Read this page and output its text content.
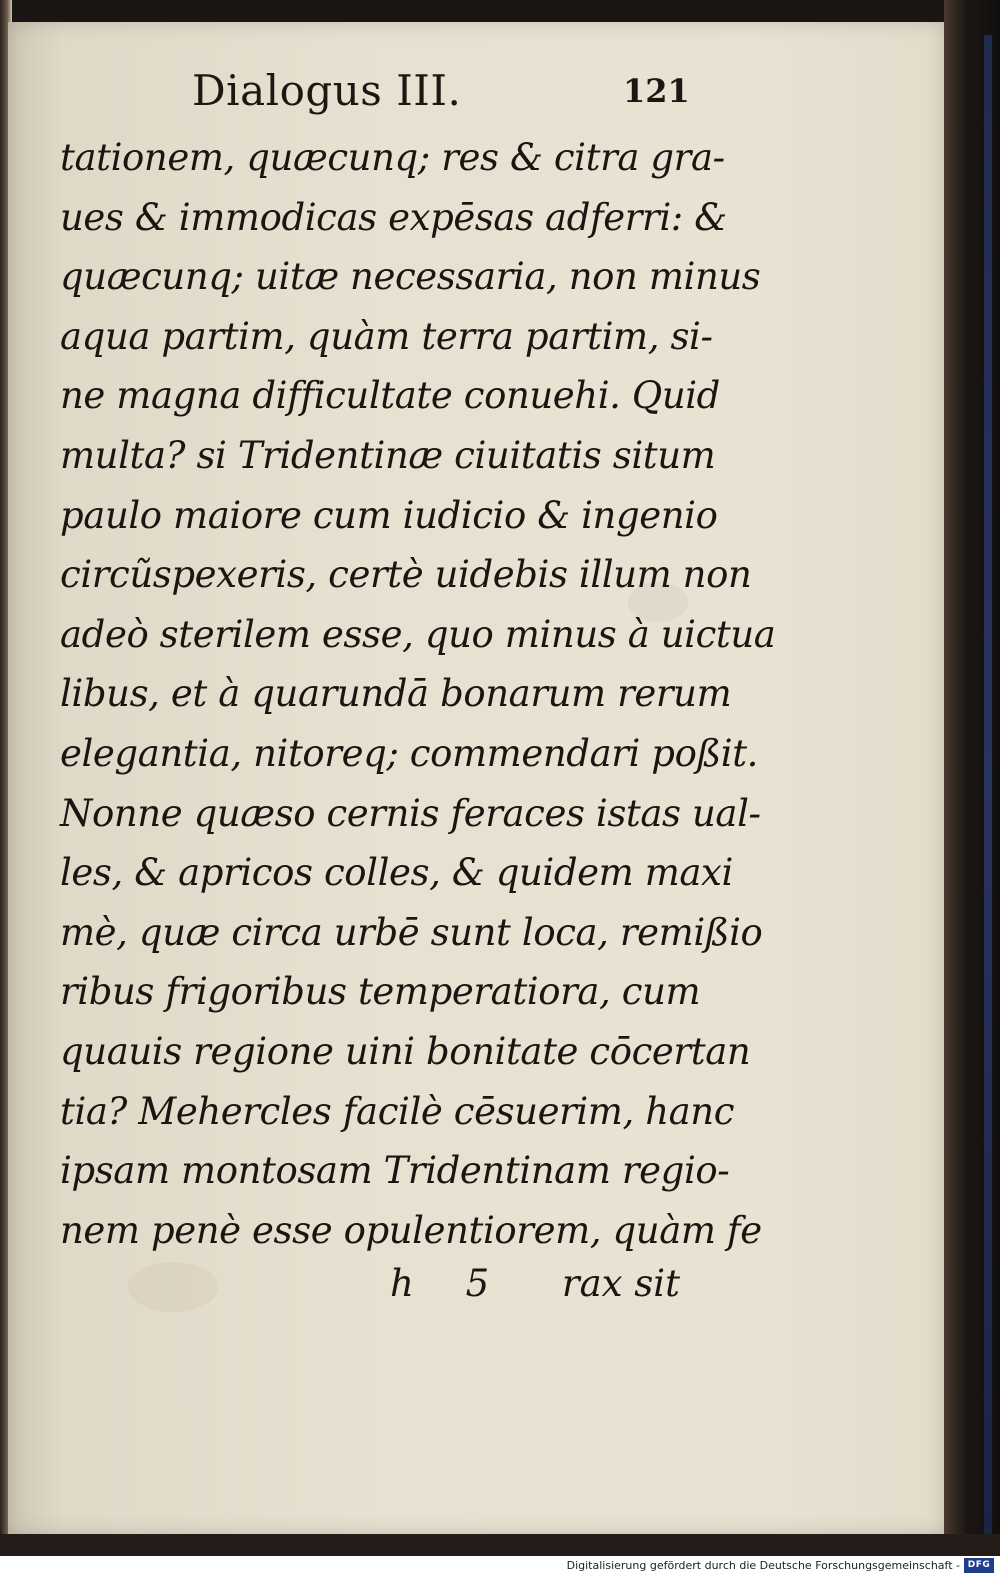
Dialogus III.	121
tationem, quæcunq; res & citra gra-
ues & immodicas expēsas adferri: &
quæcunq; uitæ necessaria, non minus
aqua partim, quàm terra partim, si-
ne magna difficultate conuehi. Quid
multa? si Tridentinæ ciuitatis situm
paulo maiore cum iudicio & ingenio
circũspexeris, certè uidebis illum non
adeò sterilem esse, quo minus à uictua
libus, et à quarundā bonarum rerum
elegantia, nitoreq; commendari poßit.
Nonne quæso cernis feraces istas ual-
les, & apricos colles, & quidem maxi
mè, quæ circa urbē sunt loca, remißio
ribus frigoribus temperatiora, cum
quauis regione uini bonitate cōcertan
tia? Mehercles facilè cēsuerim, hanc
ipsam montosam Tridentinam regio-
nem penè esse opulentiorem, quàm fe
h 5 rax sit
Digitalisierung gefördert durch die Deutsche Forschungsgemeinschaft - DFG
